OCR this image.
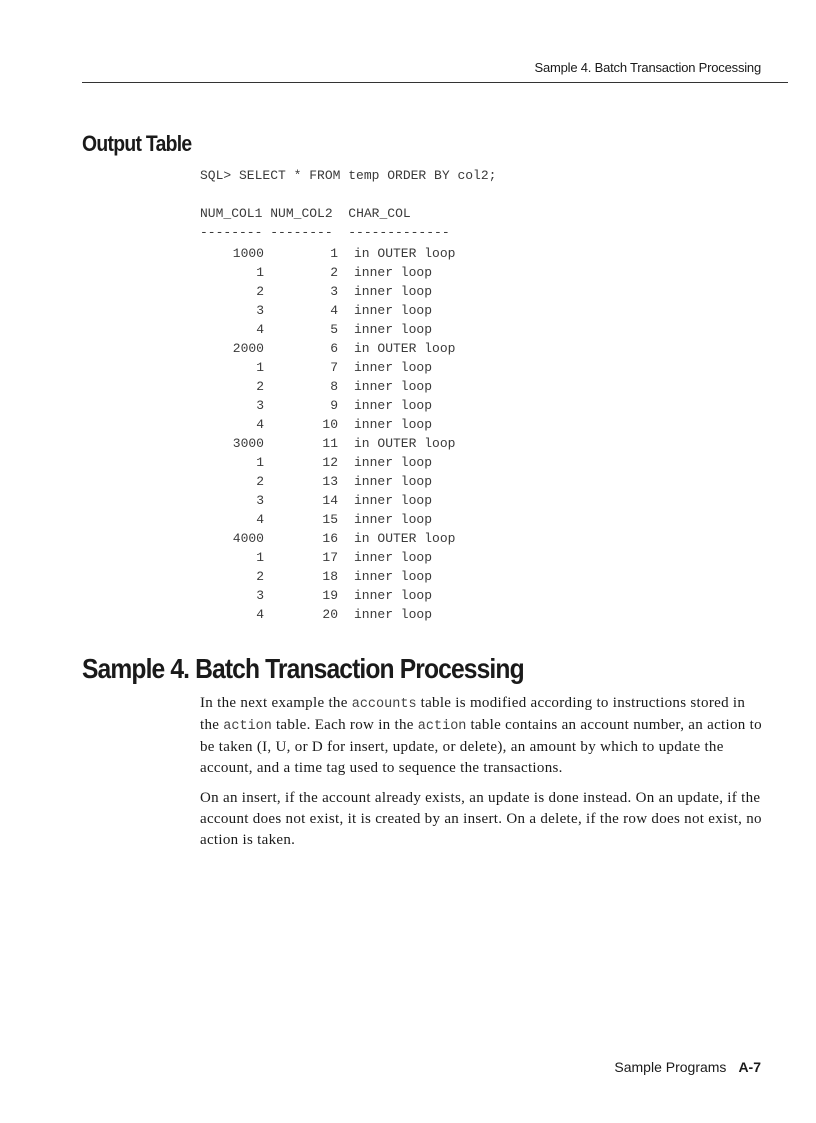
Sample 4. Batch Transaction Processing
Output Table
SQL> SELECT * FROM temp ORDER BY col2;
NUM_COL1 NUM_COL2 CHAR_COL
-------- --------  -------------
1000	1 in OUTER loop
1	2 inner loop
2	3 inner loop
3	4 inner loop
4	5 inner loop
2000	6 in OUTER loop
1	7 inner loop
2	8 inner loop
3	9 inner loop
4	10 inner loop
3000	11 in OUTER loop
1	12 inner loop
2	13 inner loop
3	14 inner loop
4	15 inner loop
4000	16 in OUTER loop
1	17 inner loop
2	18 inner loop
3	19 inner loop
4	20 inner loop
Sample 4. Batch Transaction Processing

In the next example the accounts table is modified according to instructions stored in the action table. Each row in the action table contains an account number, an action to be taken (I, U, or D for insert, update, or delete), an amount by which to update the account, and a time tag used to sequence the transactions.

On an insert, if the account already exists, an update is done instead. On an update, if the account does not exist, it is created by an insert. On a delete, if the row does not exist, no action is taken.

Sample Programs A-7
